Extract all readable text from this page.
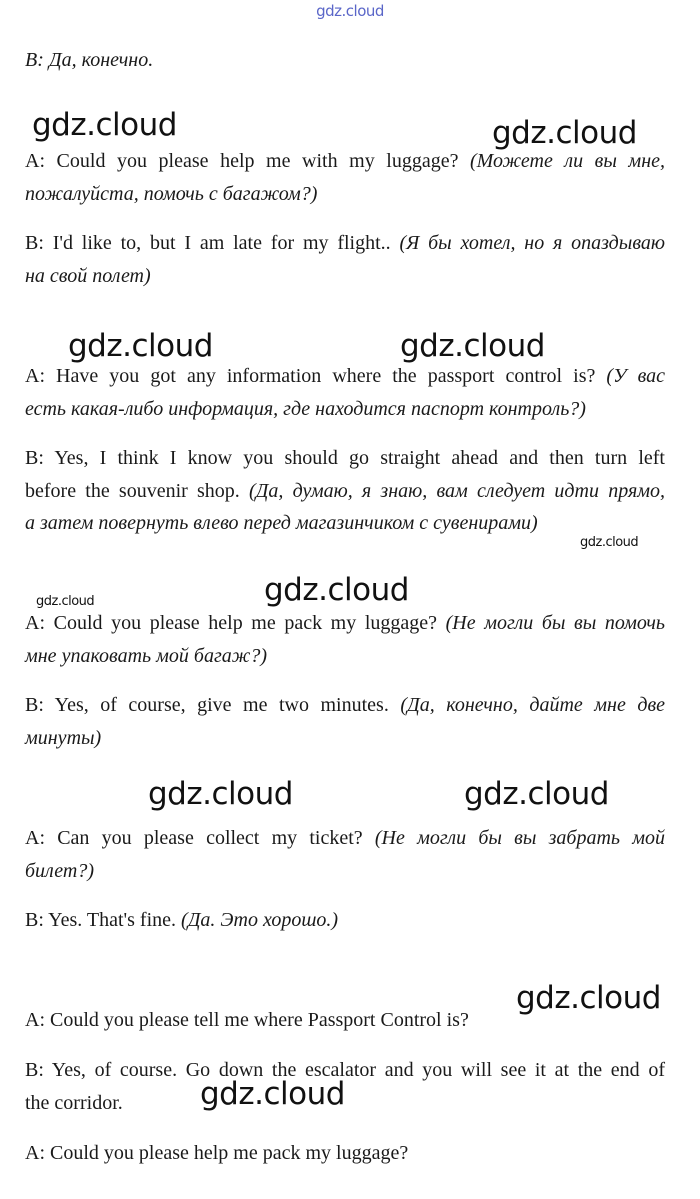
gdz.cloud
В: Да, конечно.
A: Could you please help me with my luggage? (Можете ли вы мне,
пожалуйста, помочь с багажом?)
B: I'd like to, but I am late for my flight.. (Я бы хотел, но я опаздываю
на свой полет)
A: Have you got any information where the passport control is? (У вас
есть какая-либо информация, где находится паспорт контроль?)
B: Yes, I think I know you should go straight ahead and then turn left
before the souvenir shop. (Да, думаю, я знаю, вам следует идти прямо,
а затем повернуть влево перед магазинчиком с сувенирами)
A: Could you please help me pack my luggage? (Не могли бы вы помочь
мне упаковать мой багаж?)
B: Yes, of course, give me two minutes. (Да, конечно, дайте мне две
минуты)
A: Can you please collect my ticket? (Не могли бы вы забрать мой
билет?)
B: Yes. That's fine. (Да. Это хорошо.)
A: Could you please tell me where Passport Control is?
B: Yes, of course. Go down the escalator and you will see it at the end of
the corridor.
A: Could you please help me pack my luggage?
gdz.cloud	gdz.cloud
gdz.cloud	gdz.cloud
gdz.cloud
gdz.cloud
gdz.cloud
gdz.cloud	gdz.cloud
gdz.cloud
gdz.cloud
